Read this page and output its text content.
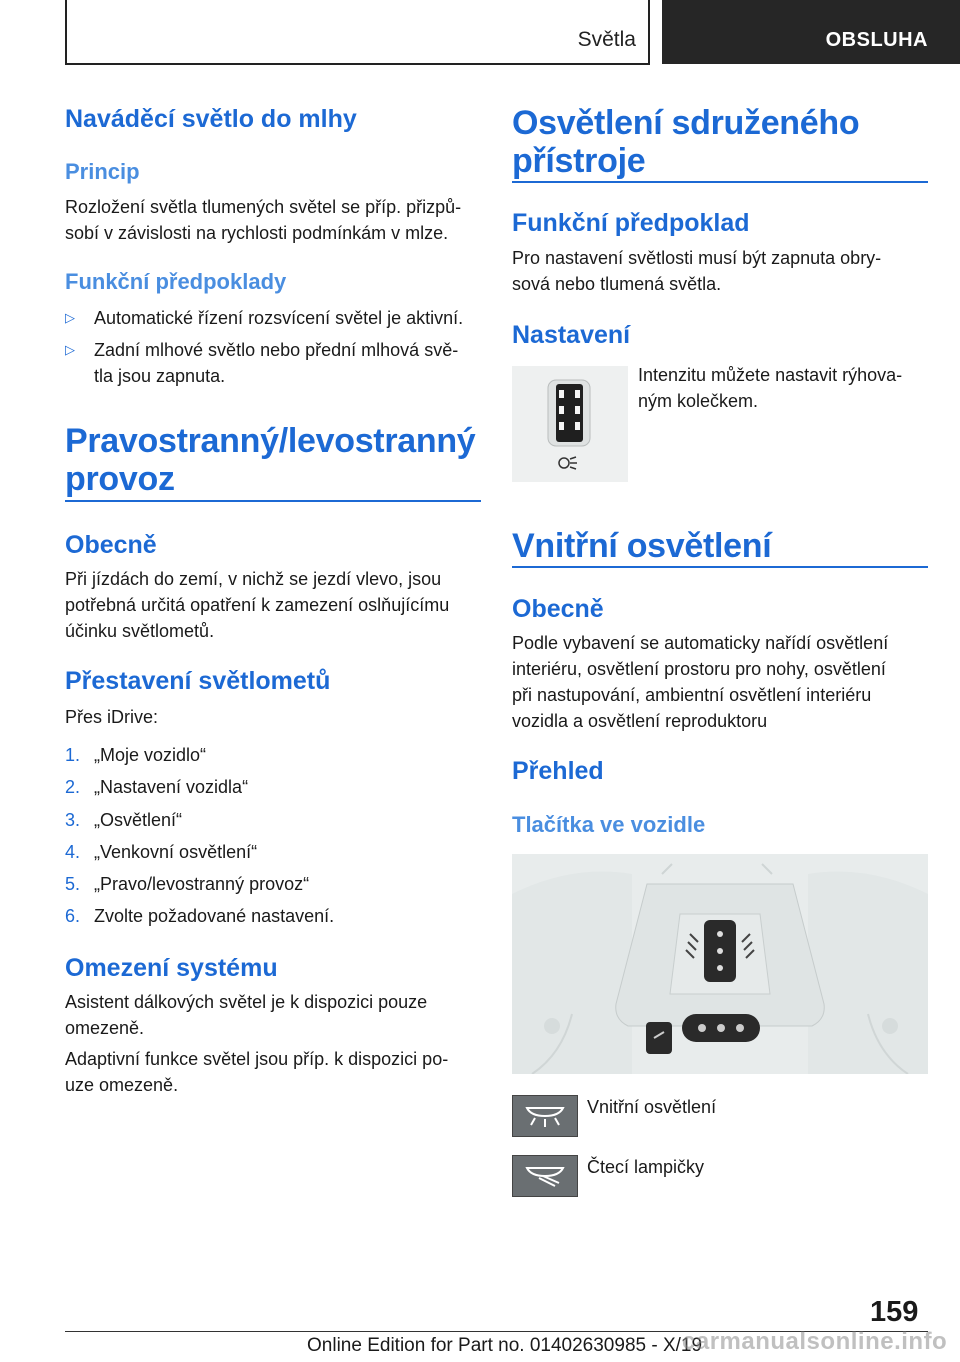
Světla	OBSLUHA
Naváděcí světlo do mlhy
Princip

Rozložení světla tlumených světel se příp. přizpů-
sobí v závislosti na rychlosti podmínkám v mlze.

Funkční předpoklady
▷ Automatické řízení rozsvícení světel je aktivní.
▷ Zadní mlhové světlo nebo přední mlhová svě-
tla jsou zapnuta.
Pravostranný/levostranný
provoz
Obecně

Při jízdách do zemí, v nichž se jezdí vlevo, jsou
potřebná určitá opatření k zamezení oslňujícímu
účinku světlometů.

Přestavení světlometů

Přes iDrive:

1. „Moje vozidlo“
2. „Nastavení vozidla“
3. „Osvětlení“
4. „Venkovní osvětlení“
5. „Pravo/levostranný provoz“
6. Zvolte požadované nastavení.
Omezení systému

Asistent dálkových světel je k dispozici pouze
omezeně.

Adaptivní funkce světel jsou příp. k dispozici po-
uze omezeně.

Osvětlení sdruženého
přístroje
Funkční předpoklad

Pro nastavení světlosti musí být zapnuta obry-
sová nebo tlumená světla.

Nastavení

Intenzitu můžete nastavit rýhova-
ným kolečkem.

Vnitřní osvětlení
Obecně

Podle vybavení se automaticky nařídí osvětlení
interiéru, osvětlení prostoru pro nohy, osvětlení
při nastupování, ambientní osvětlení interiéru
vozidla a osvětlení reproduktoru

Přehled
Tlačítka ve vozidle

Vnitřní osvětlení

Čtecí lampičky

159
Online Edition for Part no. 01402630985 - X/19
carmanualsonline.info
